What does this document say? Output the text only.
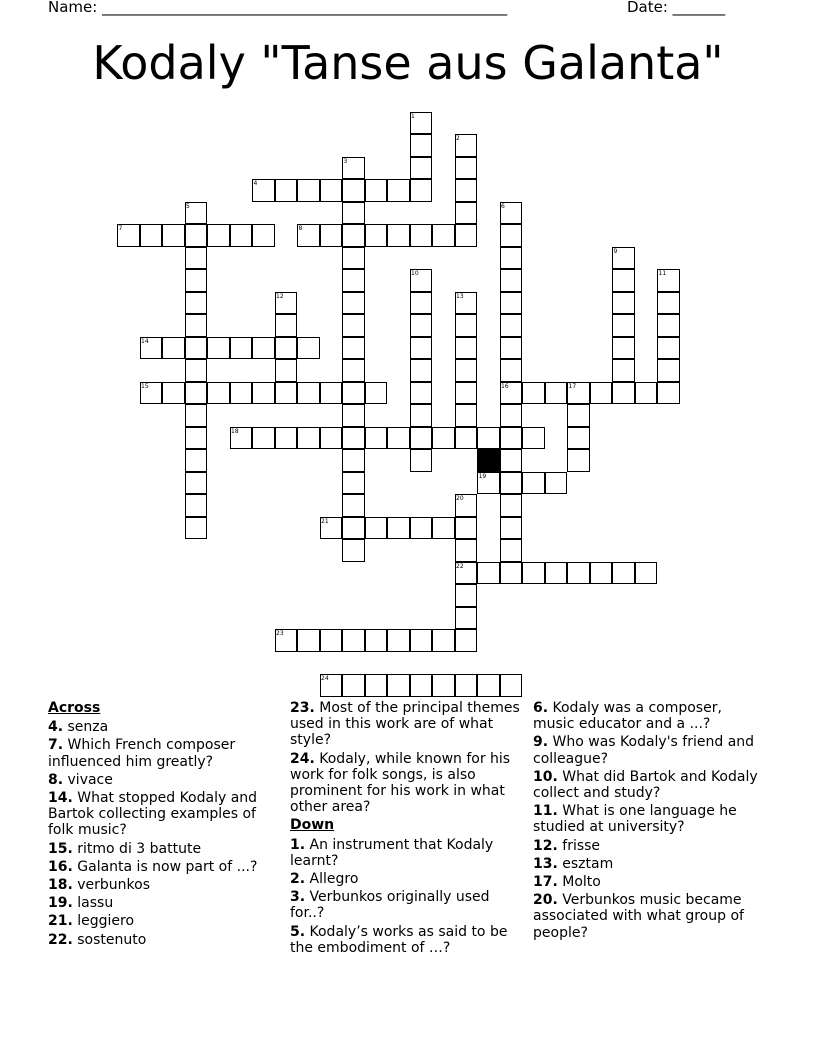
Name: ______________________________________________________	Date: _______
Kodaly "Tanse aus Galanta"
4
7	8
14
15	16
18
19
21
22
23
24
1
2
3
5	6
9
10	11
12	13
17
20
Across
4. senza
7. Which French composer influenced him greatly?
8. vivace
14. What stopped Kodaly and Bartok collecting examples of folk music?
15. ritmo di 3 battute
16. Galanta is now part of ...?
18. verbunkos
19. lassu
21. leggiero
22. sostenuto
23. Most of the principal themes used in this work are of what style?
24. Kodaly, while known for his work for folk songs, is also prominent for his work in what other area?
Down
1. An instrument that Kodaly learnt?
2. Allegro
3. Verbunkos originally used for..?
5. Kodaly’s works as said to be the embodiment of …?
6. Kodaly was a composer, music educator and a ...?
9. Who was Kodaly's friend and colleague?
10. What did Bartok and Kodaly collect and study?
11. What is one language he studied at university?
12. frisse
13. esztam
17. Molto
20. Verbunkos music became associated with what group of people?
